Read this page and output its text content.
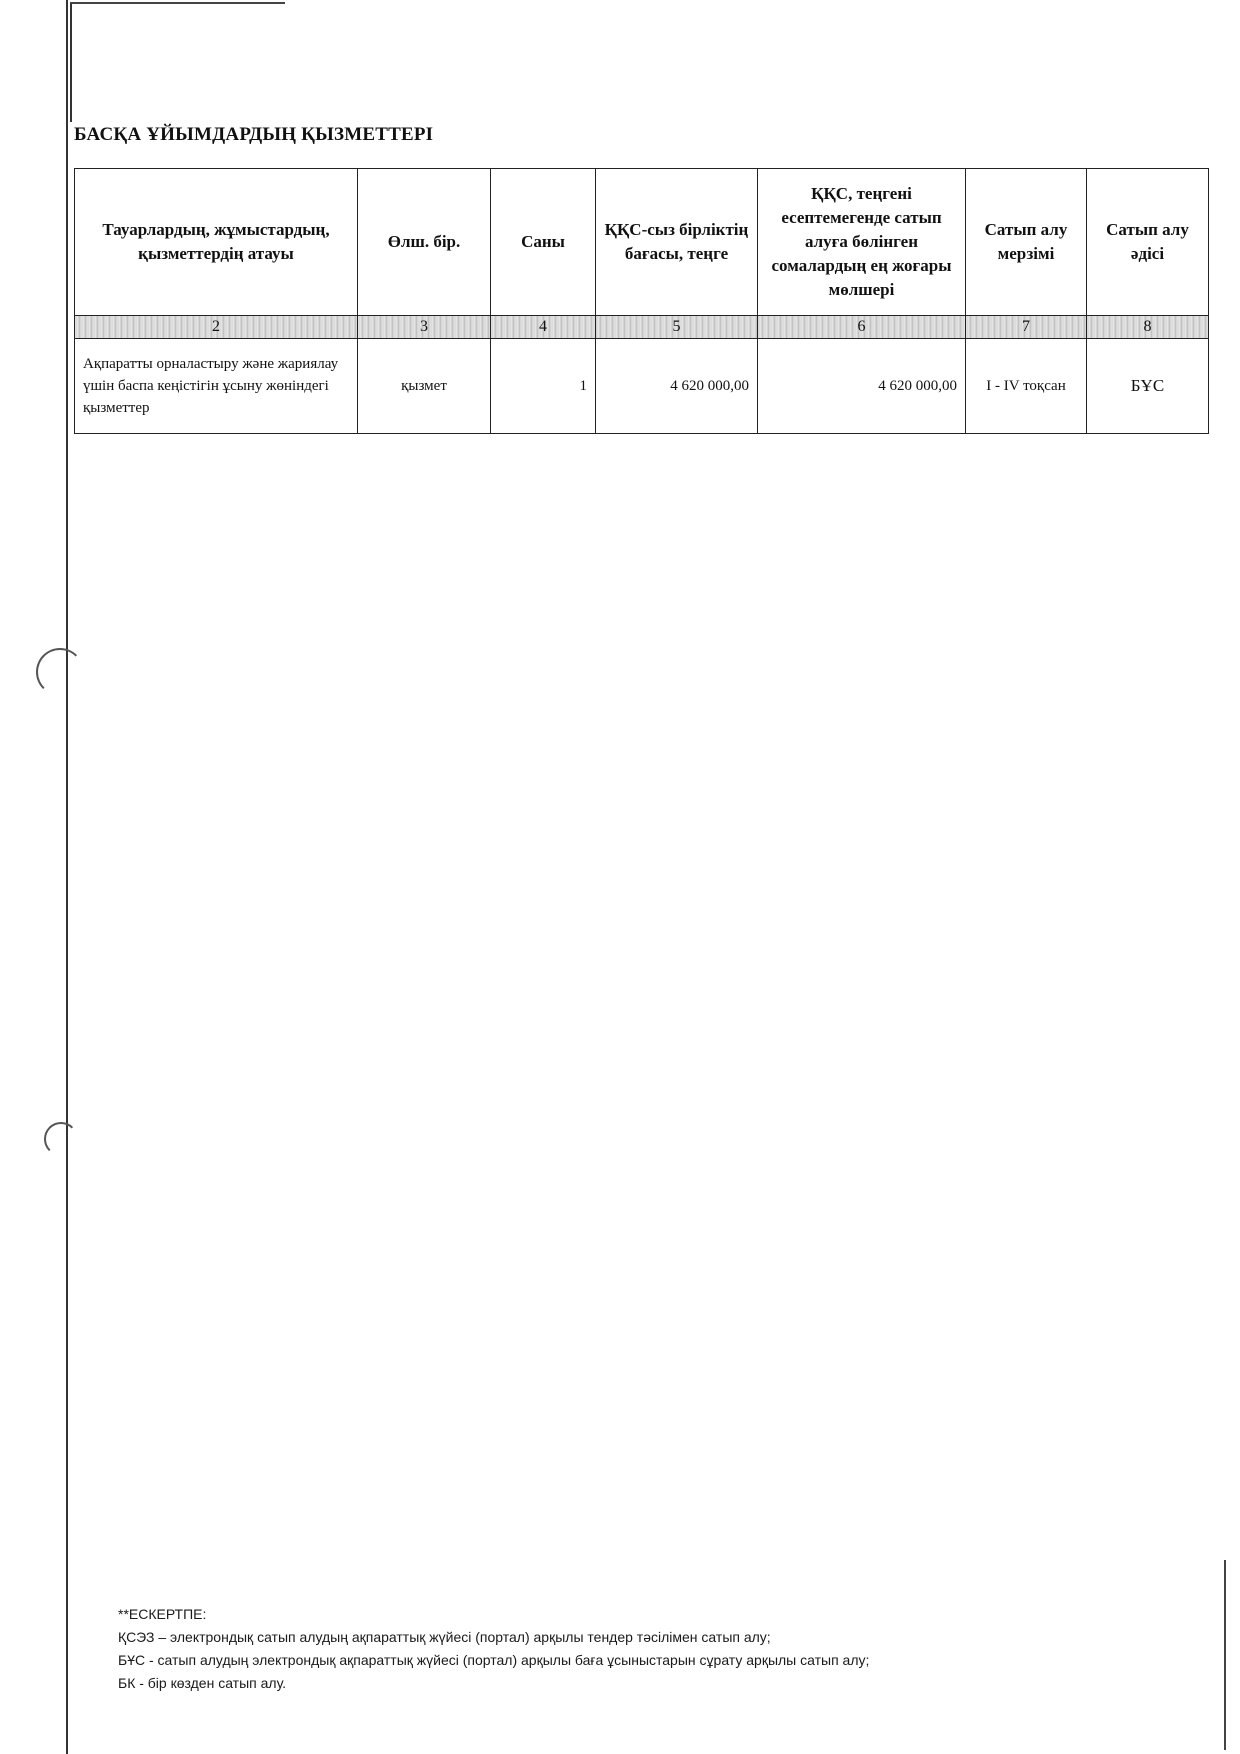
БАСҚА ҰЙЫМДАРДЫҢ ҚЫЗМЕТТЕРІ
Тауарлардың, жұмыстардың, қызметтердің атауы	Өлш. бір.	Саны	ҚҚС-сыз бірліктің бағасы, теңге	ҚҚС, теңгені есептемегенде сатып алуға бөлінген сомалардың ең жоғары мөлшері	Сатып алу мерзімі	Сатып алу әдісі
2	3	4	5	6	7	8
Ақпаратты орналастыру және жариялау үшін баспа кеңістігін ұсыну жөніндегі қызметтер	қызмет	1	4 620 000,00	4 620 000,00	I - IV тоқсан	БҰС
**ЕСКЕРТПЕ:
ҚСЭЗ – электрондық сатып алудың ақпараттық жүйесі (портал) арқылы тендер тәсілімен сатып алу;
БҰС - сатып алудың электрондық ақпараттық жүйесі (портал) арқылы баға ұсыныстарын сұрату арқылы сатып алу;
БК - бір көзден сатып алу.
